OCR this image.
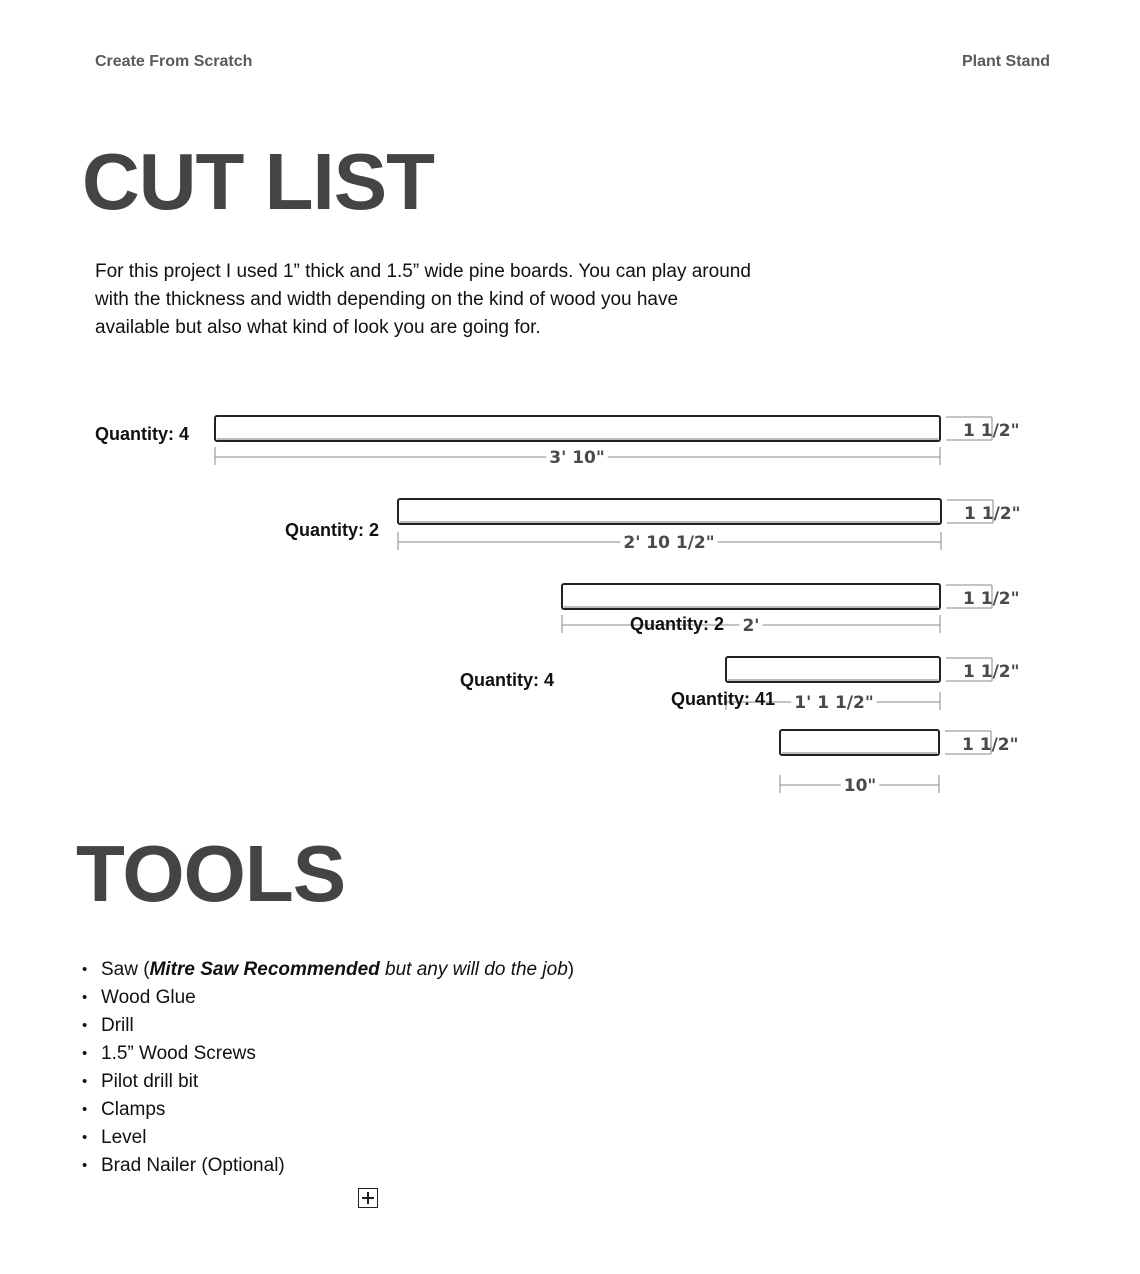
Create From Scratch	Plant Stand
CUT LIST

For this project I used 1” thick and 1.5” wide pine boards. You can play around with the thickness and width depending on the kind of wood you have available but also what kind of look you are going for.

1 1/2"
3' 10"
1 1/2"
2' 10 1/2"
1 1/2"
2'
1 1/2"
1' 1 1/2"
1 1/2"
10"
Quantity: 4
Quantity: 2
Quantity: 2
Quantity: 4
Quantity: 41
TOOLS
• Saw (Mitre Saw Recommended but any will do the job)
• Wood Glue
• Drill
• 1.5” Wood Screws
• Pilot drill bit
• Clamps
• Level
• Brad Nailer (Optional)
